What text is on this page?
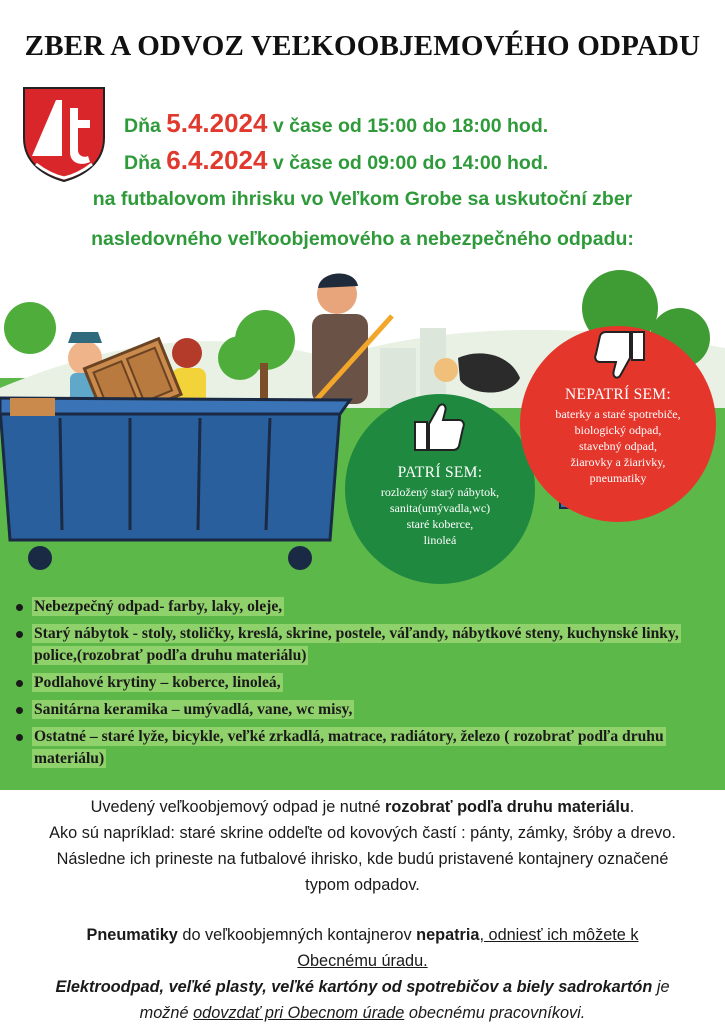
ZBER A ODVOZ VEĽKOOBJEMOVÉHO ODPADU
Dňa 5.4.2024 v čase od 15:00 do 18:00 hod.
Dňa 6.4.2024 v čase od 09:00 do 14:00 hod.
na futbalovom ihrisku vo Veľkom Grobe sa uskutoční zber
nasledovného veľkoobjemového a nebezpečného odpadu:
PATRÍ SEM:
rozložený starý nábytok,
sanita(umývadla,wc)
staré koberce,
linoleá
NEPATRÍ SEM:
baterky a staré spotrebiče,
biologický odpad,
stavebný odpad,
žiarovky a žiarivky,
pneumatiky
Nebezpečný odpad- farby, laky, oleje,
Starý nábytok - stoly, stoličky, kreslá, skrine, postele, váľandy, nábytkové steny, kuchynské linky, police,(rozobrať podľa druhu materiálu)
Podlahové krytiny – koberce, linoleá,
Sanitárna keramika – umývadlá, vane, wc misy,
Ostatné – staré lyže, bicykle, veľké zrkadlá, matrace, radiátory, železo ( rozobrať podľa druhu materiálu)

Uvedený veľkoobjemový odpad je nutné rozobrať podľa druhu materiálu.

Ako sú napríklad: staré skrine oddeľte od kovových častí : pánty, zámky, šróby a drevo.

Následne ich prineste na futbalové ihrisko, kde budú pristavené kontajnery označené

typom odpadov.

Pneumatiky do veľkoobjemných kontajnerov nepatria, odniesť ich môžete k

Obecnému úradu.

Elektroodpad, veľké plasty, veľké kartóny od spotrebičov a biely sadrokartón je

možné odovzdať pri Obecnom úrade obecnému pracovníkovi.
